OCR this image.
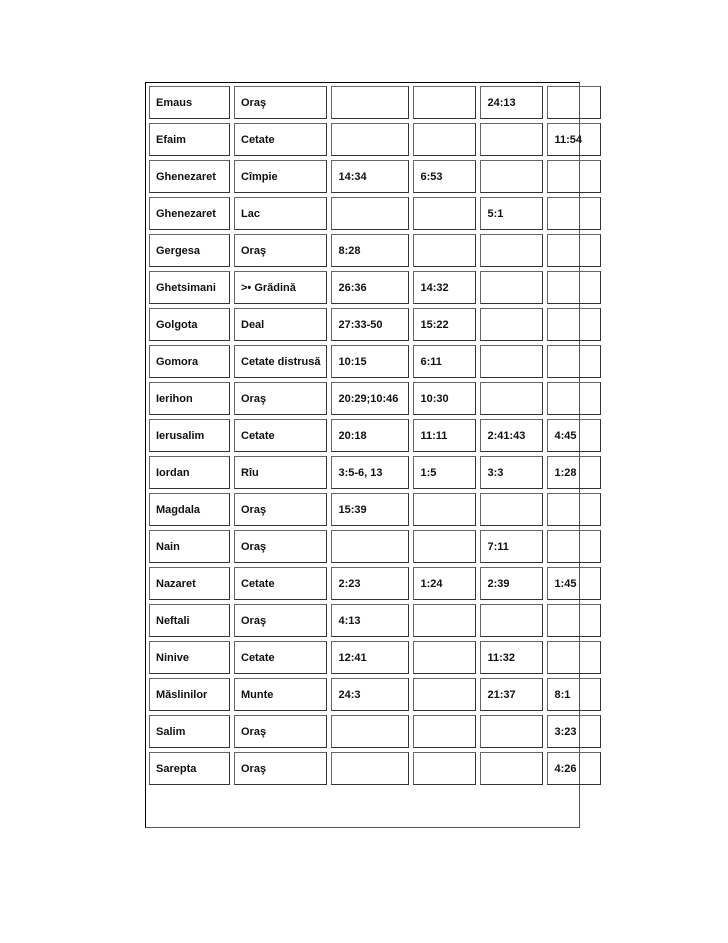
Emaus	Oraş			24:13	
Efaim	Cetate				11:54
Ghenezaret	Cîmpie	14:34	6:53		
Ghenezaret	Lac			5:1	
Gergesa	Oraş	8:28			
Ghetsimani	>• Grădină	26:36	14:32		
Golgota	Deal	27:33-50	15:22		
Gomora	Cetate distrusă	10:15	6:11		
Ierihon	Oraş	20:29;10:46	10:30		
Ierusalim	Cetate	20:18	11:11	2:41:43	4:45
Iordan	Rîu	3:5-6, 13	1:5	3:3	1:28
Magdala	Oraş	15:39			
Nain	Oraş			7:11	
Nazaret	Cetate	2:23	1:24	2:39	1:45
Neftali	Oraş	4:13			
Ninive	Cetate	12:41		11:32	
Măslinilor	Munte	24:3		21:37	8:1
Salim	Oraş				3:23
Sarepta	Oraş				4:26
